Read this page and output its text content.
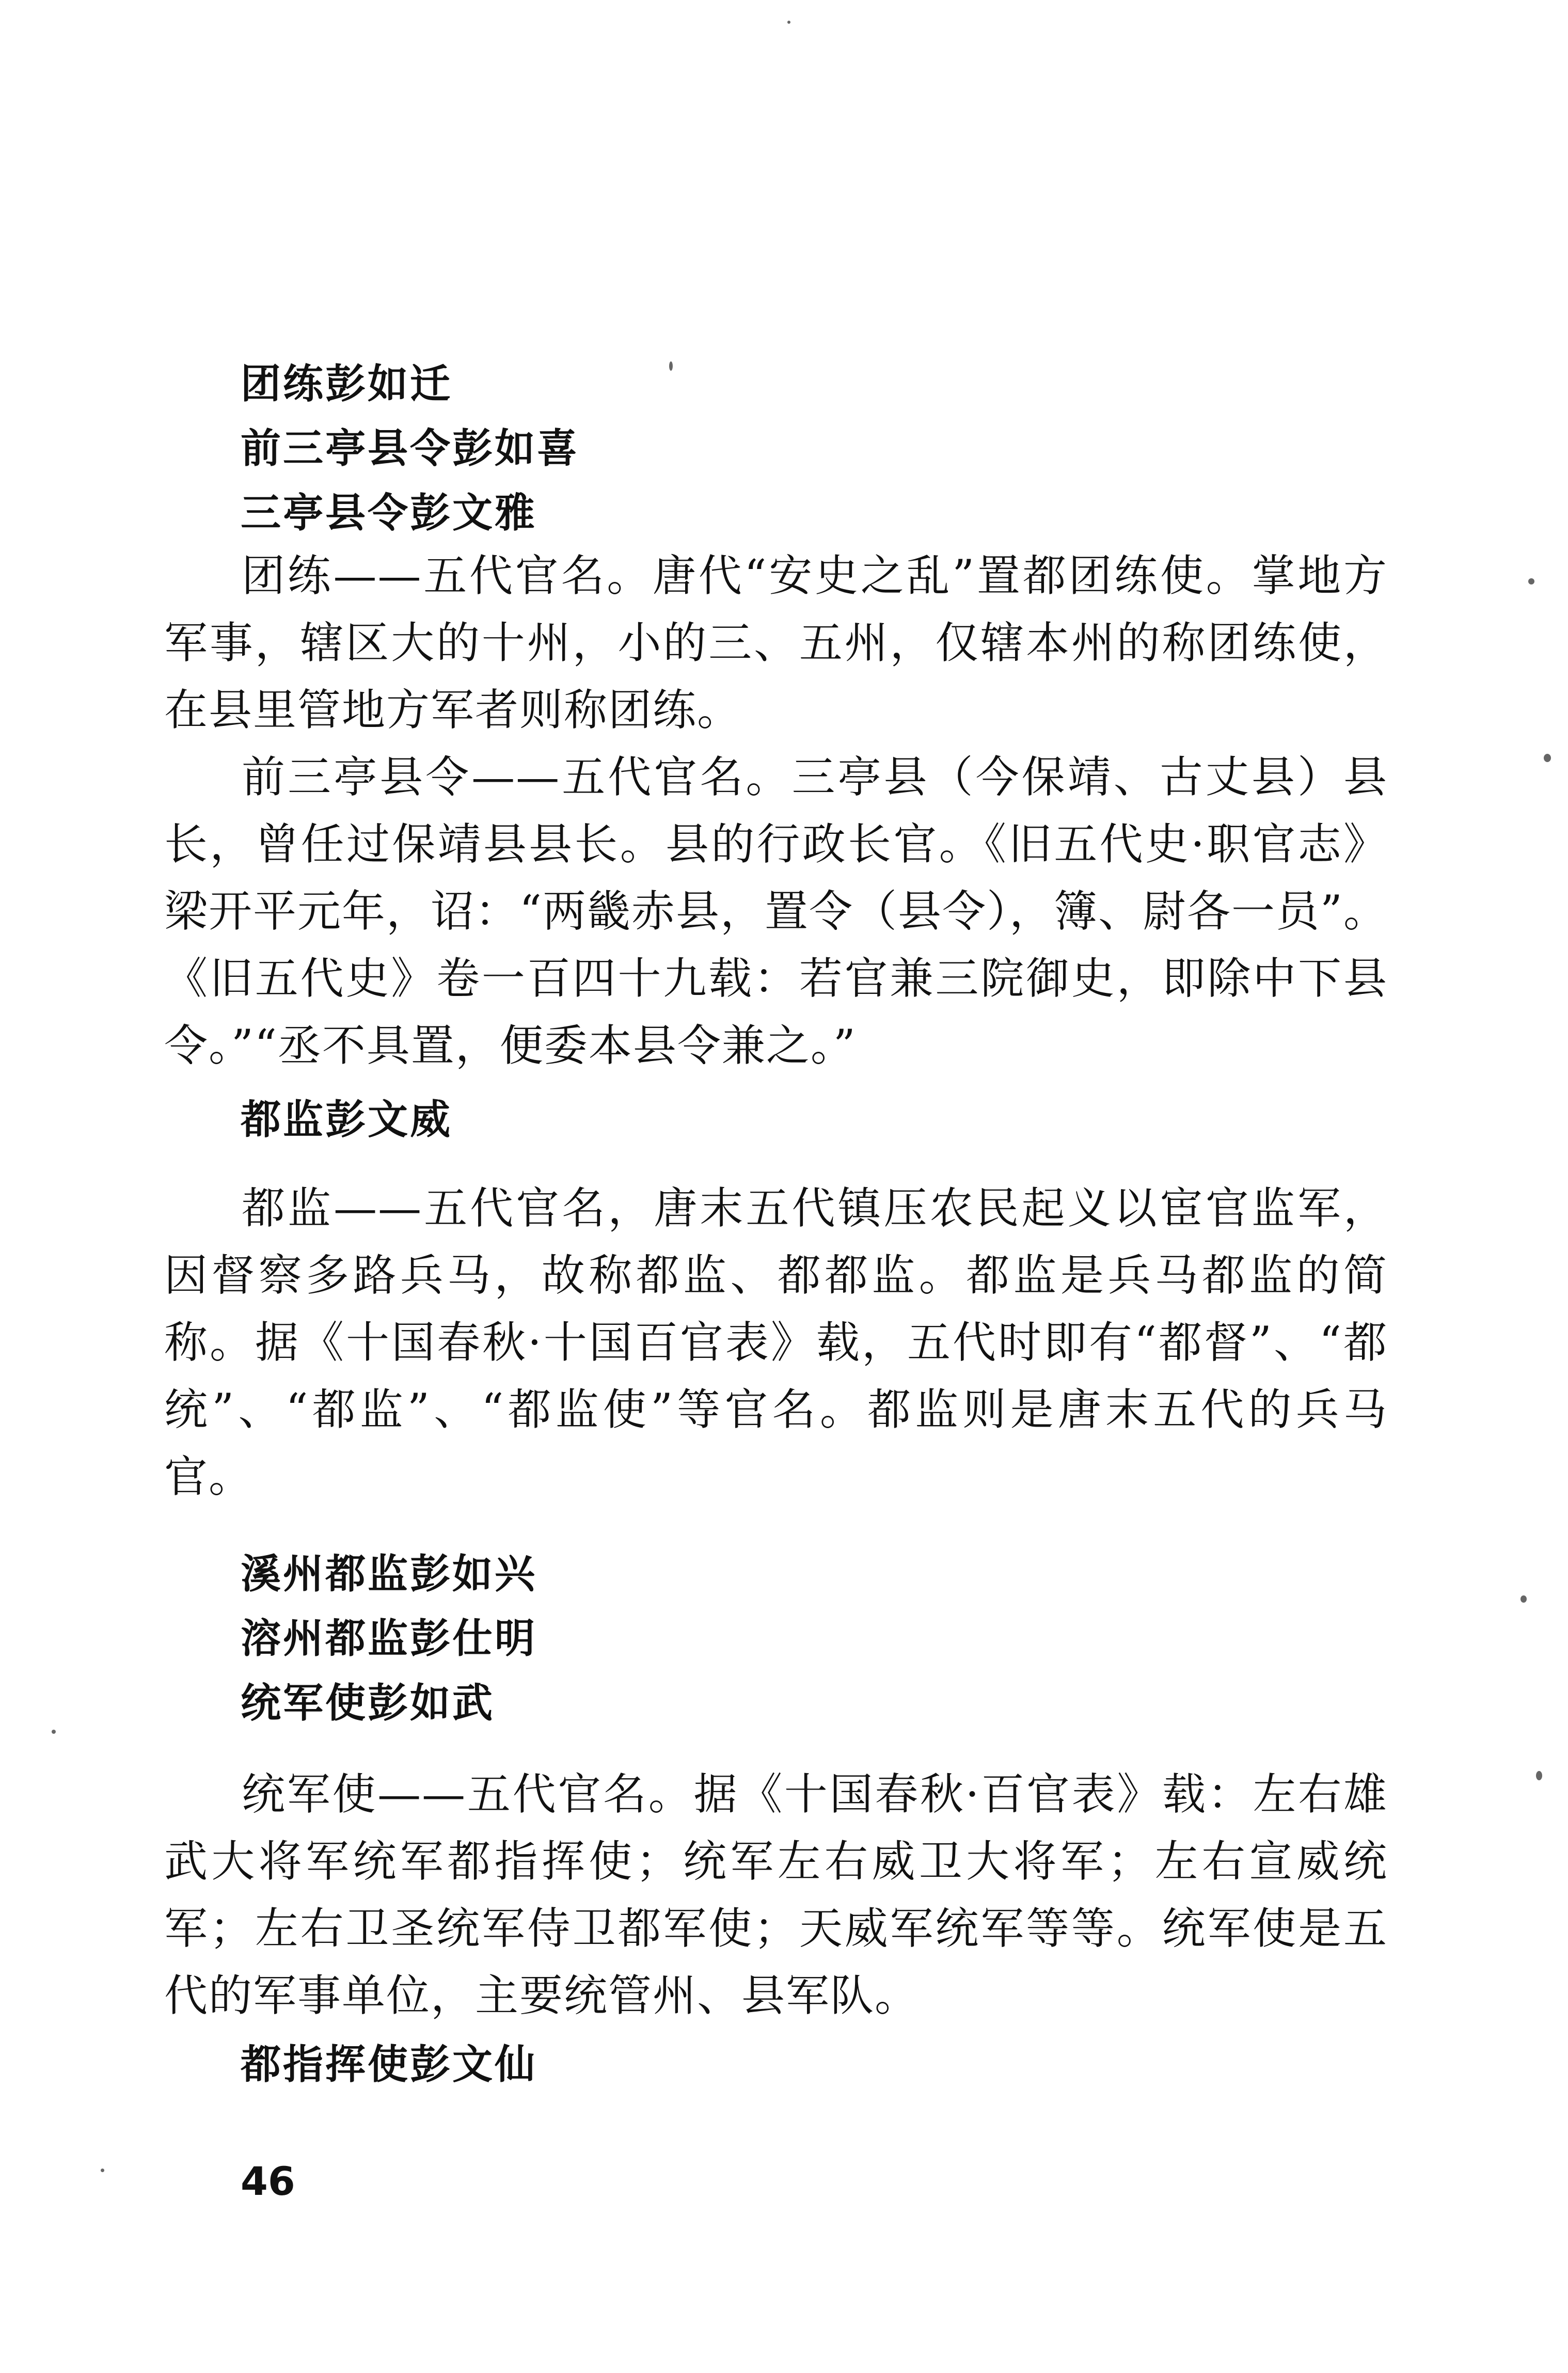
团练彭如迁
前三亭县令彭如喜
三亭县令彭文雅

团练——五代官名。唐代“安史之乱”置都团练使。掌地方军事，辖区大的十州，小的三、五州，仅辖本州的称团练使，在县里管地方军者则称团练。

前三亭县令——五代官名。三亭县（今保靖、古丈县）县长，曾任过保靖县县长。县的行政长官。《旧五代史·职官志》梁开平元年，诏：“两畿赤县，置令（县令），簿、尉各一员”。《旧五代史》卷一百四十九载：若官兼三院御史，即除中下县令。”“丞不具置，便委本县令兼之。”

都监彭文威

都监——五代官名，唐末五代镇压农民起义以宦官监军，因督察多路兵马，故称都监、都都监。都监是兵马都监的简称。据《十国春秋·十国百官表》载，五代时即有“都督”、“都统”、“都监”、“都监使”等官名。都监则是唐末五代的兵马官。

溪州都监彭如兴
溶州都监彭仕明
统军使彭如武

统军使——五代官名。据《十国春秋·百官表》载：左右雄武大将军统军都指挥使；统军左右威卫大将军；左右宣威统军；左右卫圣统军侍卫都军使；天威军统军等等。统军使是五代的军事单位，主要统管州、县军队。

都指挥使彭文仙
46
